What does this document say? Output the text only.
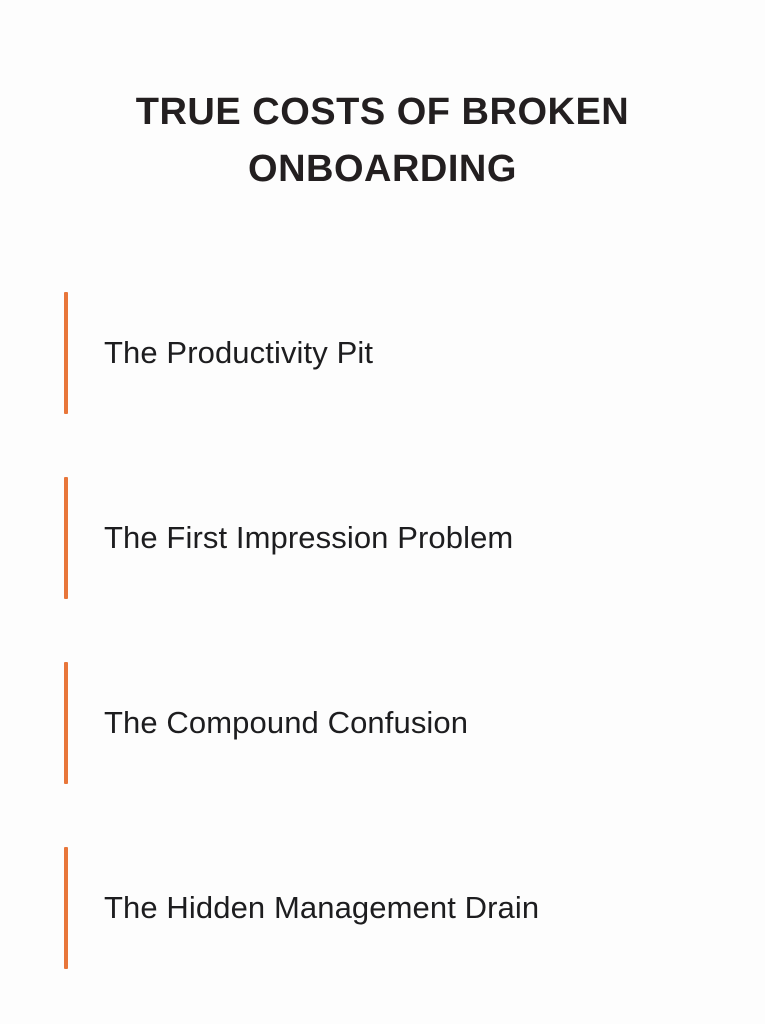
TRUE COSTS OF BROKEN ONBOARDING
The Productivity Pit
The First Impression Problem
The Compound Confusion
The Hidden Management Drain
